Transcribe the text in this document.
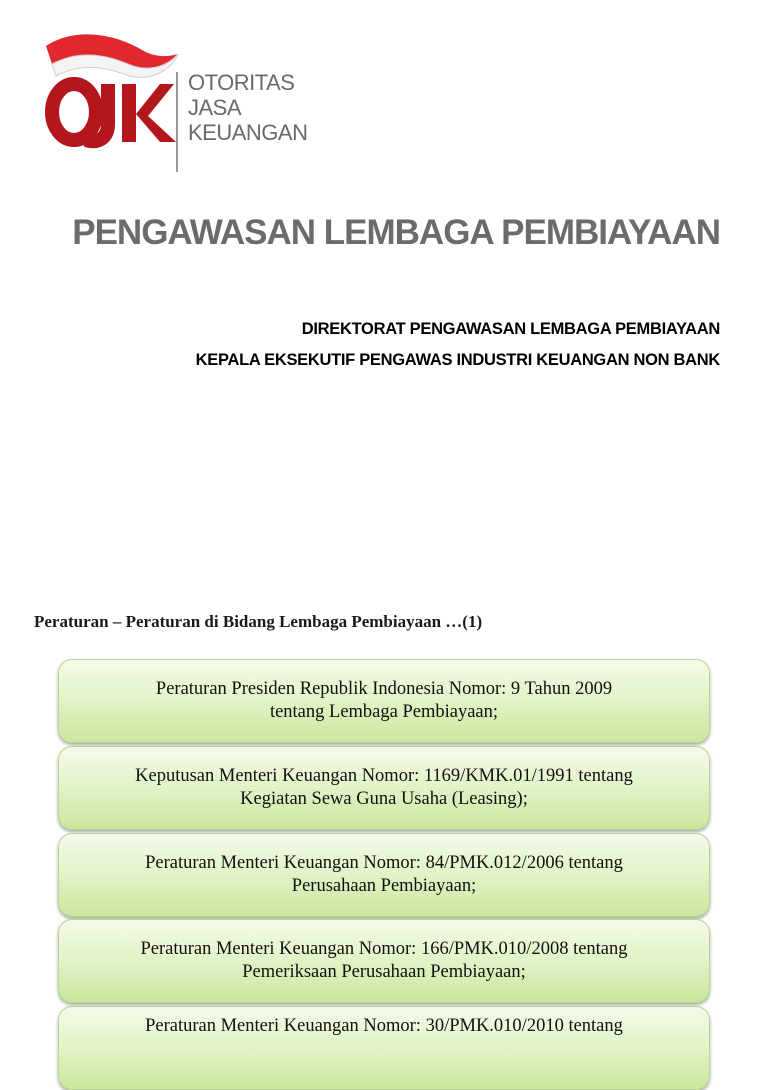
OTORITAS
JASA
KEUANGAN
PENGAWASAN LEMBAGA PEMBIAYAAN
DIREKTORAT PENGAWASAN LEMBAGA PEMBIAYAAN
KEPALA EKSEKUTIF PENGAWAS INDUSTRI KEUANGAN NON BANK
Peraturan – Peraturan di Bidang Lembaga Pembiayaan …(1)
Peraturan Presiden Republik Indonesia Nomor: 9 Tahun 2009
tentang Lembaga Pembiayaan;
Keputusan Menteri Keuangan Nomor: 1169/KMK.01/1991 tentang
Kegiatan Sewa Guna Usaha (Leasing);
Peraturan Menteri Keuangan Nomor: 84/PMK.012/2006 tentang
Perusahaan Pembiayaan;
Peraturan Menteri Keuangan Nomor: 166/PMK.010/2008 tentang
Pemeriksaan Perusahaan Pembiayaan;
Peraturan Menteri Keuangan Nomor: 30/PMK.010/2010 tentang
